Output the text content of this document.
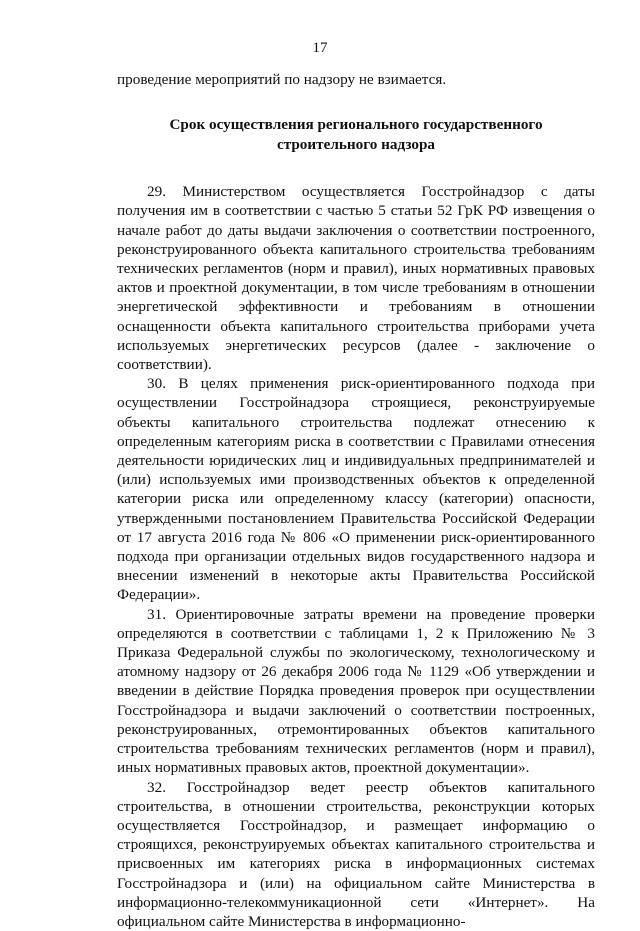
17

проведение мероприятий по надзору не взимается.

Срок осуществления регионального государственного
строительного надзора

29. Министерством осуществляется Госстройнадзор с даты получения им в соответствии с частью 5 статьи 52 ГрК РФ извещения о начале работ до даты выдачи заключения о соответствии построенного, реконструированного объекта капитального строительства требованиям технических регламентов (норм и правил), иных нормативных правовых актов и проектной документации, в том числе требованиям в отношении энергетической эффективности и требованиям в отношении оснащенности объекта капитального строительства приборами учета используемых энергетических ресурсов (далее - заключение о соответствии).

30. В целях применения риск-ориентированного подхода при осуществлении Госстройнадзора строящиеся, реконструируемые объекты капитального строительства подлежат отнесению к определенным категориям риска в соответствии с Правилами отнесения деятельности юридических лиц и индивидуальных предпринимателей и (или) используемых ими производственных объектов к определенной категории риска или определенному классу (категории) опасности, утвержденными постановлением Правительства Российской Федерации от 17 августа 2016 года № 806 «О применении риск-ориентированного подхода при организации отдельных видов государственного надзора и внесении изменений в некоторые акты Правительства Российской Федерации».

31. Ориентировочные затраты времени на проведение проверки определяются в соответствии с таблицами 1, 2 к Приложению № 3 Приказа Федеральной службы по экологическому, технологическому и атомному надзору от 26 декабря 2006 года № 1129 «Об утверждении и введении в действие Порядка проведения проверок при осуществлении Госстройнадзора и выдачи заключений о соответствии построенных, реконструированных, отремонтированных объектов капитального строительства требованиям технических регламентов (норм и правил), иных нормативных правовых актов, проектной документации».

32. Госстройнадзор ведет реестр объектов капитального строительства, в отношении строительства, реконструкции которых осуществляется Госстройнадзор, и размещает информацию о строящихся, реконструируемых объектах капитального строительства и присвоенных им категориях риска в информационных системах Госстройнадзора и (или) на официальном сайте Министерства в информационно-телекоммуникационной сети «Интернет». На официальном сайте Министерства в информационно-
